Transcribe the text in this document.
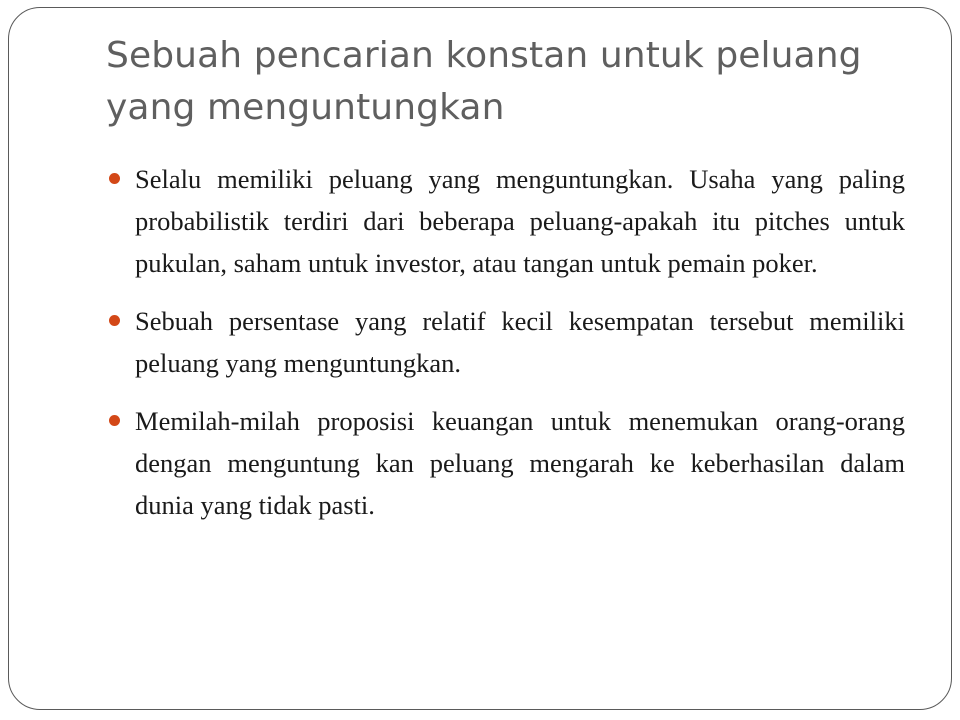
Sebuah pencarian konstan untuk peluang yang menguntungkan
Selalu memiliki peluang yang menguntungkan. Usaha yang paling probabilistik terdiri dari beberapa peluang-apakah itu pitches untuk pukulan, saham untuk investor, atau tangan untuk pemain poker.
Sebuah persentase yang relatif kecil kesempatan tersebut memiliki peluang yang menguntungkan.
Memilah-milah proposisi keuangan untuk menemukan orang-orang dengan menguntung kan peluang mengarah ke keberhasilan dalam dunia yang tidak pasti.
